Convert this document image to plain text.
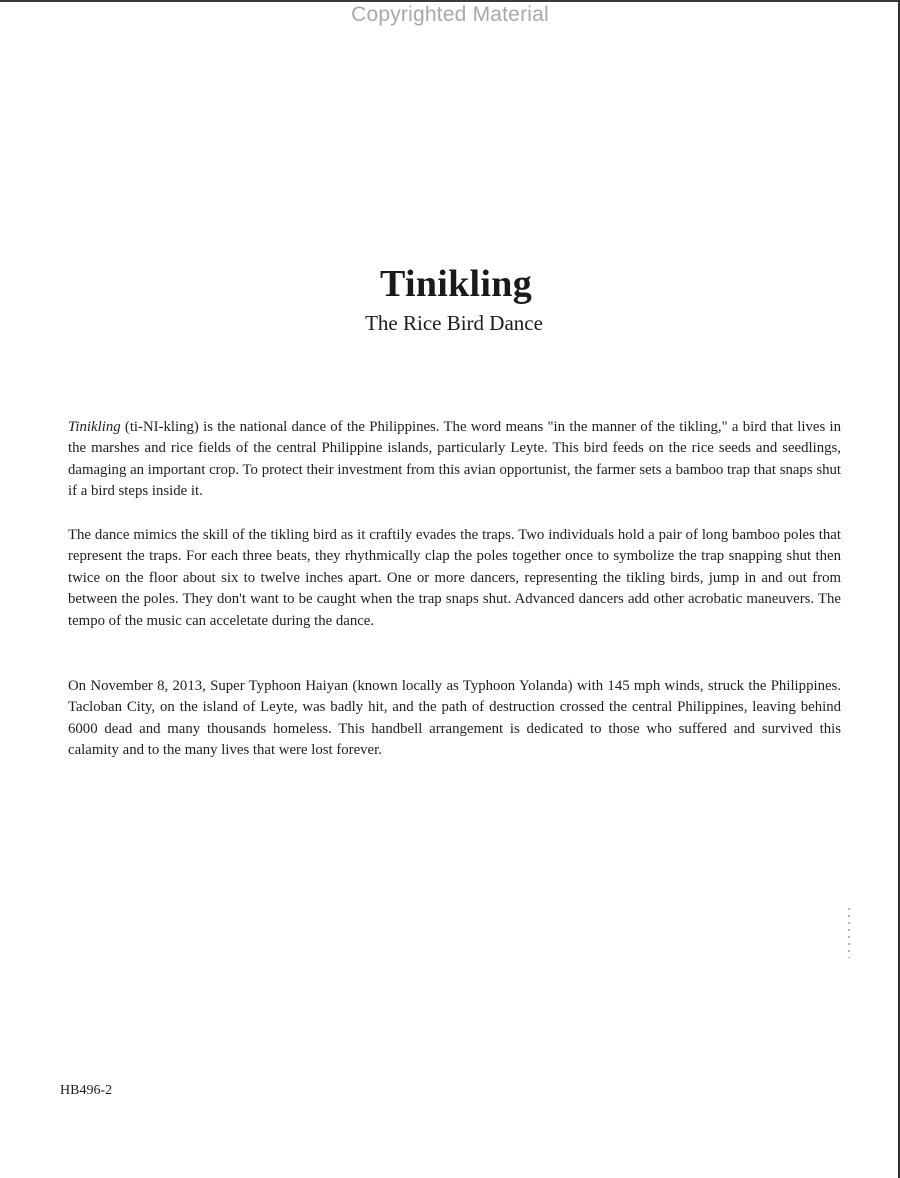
Copyrighted Material
Tinikling
The Rice Bird Dance

Tinikling (ti-NI-kling) is the national dance of the Philippines. The word means "in the manner of the tikling," a bird that lives in the marshes and rice fields of the central Philippine islands, particularly Leyte. This bird feeds on the rice seeds and seedlings, damaging an important crop. To protect their investment from this avian opportunist, the farmer sets a bamboo trap that snaps shut if a bird steps inside it.

The dance mimics the skill of the tikling bird as it craftily evades the traps. Two individuals hold a pair of long bamboo poles that represent the traps. For each three beats, they rhythmically clap the poles together once to symbolize the trap snapping shut then twice on the floor about six to twelve inches apart. One or more dancers, representing the tikling birds, jump in and out from between the poles. They don't want to be caught when the trap snaps shut. Advanced dancers add other acrobatic maneuvers. The tempo of the music can acceletate during the dance.

On November 8, 2013, Super Typhoon Haiyan (known locally as Typhoon Yolanda) with 145 mph winds, struck the Philippines. Tacloban City, on the island of Leyte, was badly hit, and the path of destruction crossed the central Philippines, leaving behind 6000 dead and many thousands homeless. This handbell arrangement is dedicated to those who suffered and survived this calamity and to the many lives that were lost forever.

HB496-2
